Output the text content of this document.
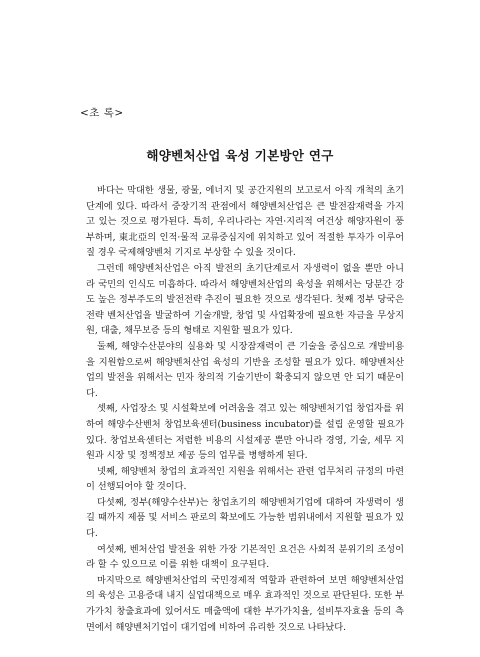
<초 록>
해양벤처산업 육성 기본방안 연구

바다는 막대한 생물, 광물, 에너지 및 공간지원의 보고로서 아직 개척의 초기 단계에 있다. 따라서 중장기적 관점에서 해양벤처산업은 큰 발전잠재력을 가지고 있는 것으로 평가된다. 특히, 우리나라는 자연·지리적 여건상 해양자원이 풍부하며, 東北亞의 인적·물적 교류중심지에 위치하고 있어 적절한 투자가 이루어질 경우 국제해양벤처 기지로 부상할 수 있을 것이다.

그런데 해양벤처산업은 아직 발전의 초기단계로서 자생력이 없을 뿐만 아니라 국민의 인식도 미흡하다. 따라서 해양벤처산업의 육성을 위해서는 당분간 강도 높은 정부주도의 발전전략 추진이 필요한 것으로 생각된다. 첫째 정부 당국은 전략 벤처산업을 발굴하여 기술개발, 창업 및 사업확장에 필요한 자금을 무상지원, 대출, 채무보증 등의 형태로 지원할 필요가 있다.

둘째, 해양수산분야의 실용화 및 시장잠재력이 큰 기술을 중심으로 개발비용을 지원함으로써 해양벤처산업 육성의 기반을 조성할 필요가 있다. 해양벤처산업의 발전을 위해서는 민자 창의적 기술기반이 확충되지 않으면 안 되기 때문이다.

셋째, 사업장소 및 시설확보에 어려움을 겪고 있는 해양벤처기업 창업자를 위하여 해양수산벤처 창업보육센터(business incubator)를 설립 운영할 필요가 있다. 창업보육센터는 저렴한 비용의 시설제공 뿐만 아니라 경영, 기술, 세무 지원과 시장 및 정책정보 제공 등의 업무를 병행하게 된다.

넷째, 해양벤처 창업의 효과적인 지원을 위해서는 관련 업무처리 규정의 마련이 선행되어야 할 것이다.

다섯째, 정부(해양수산부)는 창업초기의 해양벤처기업에 대하여 자생력이 생길 때까지 제품 및 서비스 판로의 확보에도 가능한 범위내에서 지원할 필요가 있다.

여섯째, 벤처산업 발전을 위한 가장 기본적인 요건은 사회적 분위기의 조성이라 할 수 있으므로 이를 위한 대책이 요구된다.

마지막으로 해양벤처산업의 국민경제적 역할과 관련하여 보면 해양벤처산업의 육성은 고용증대 내지 실업대책으로 매우 효과적인 것으로 판단된다. 또한 부가가치 창출효과에 있어서도 매출액에 대한 부가가치율, 설비투자효율 등의 측면에서 해양벤처기업이 대기업에 비하여 유리한 것으로 나타났다.
